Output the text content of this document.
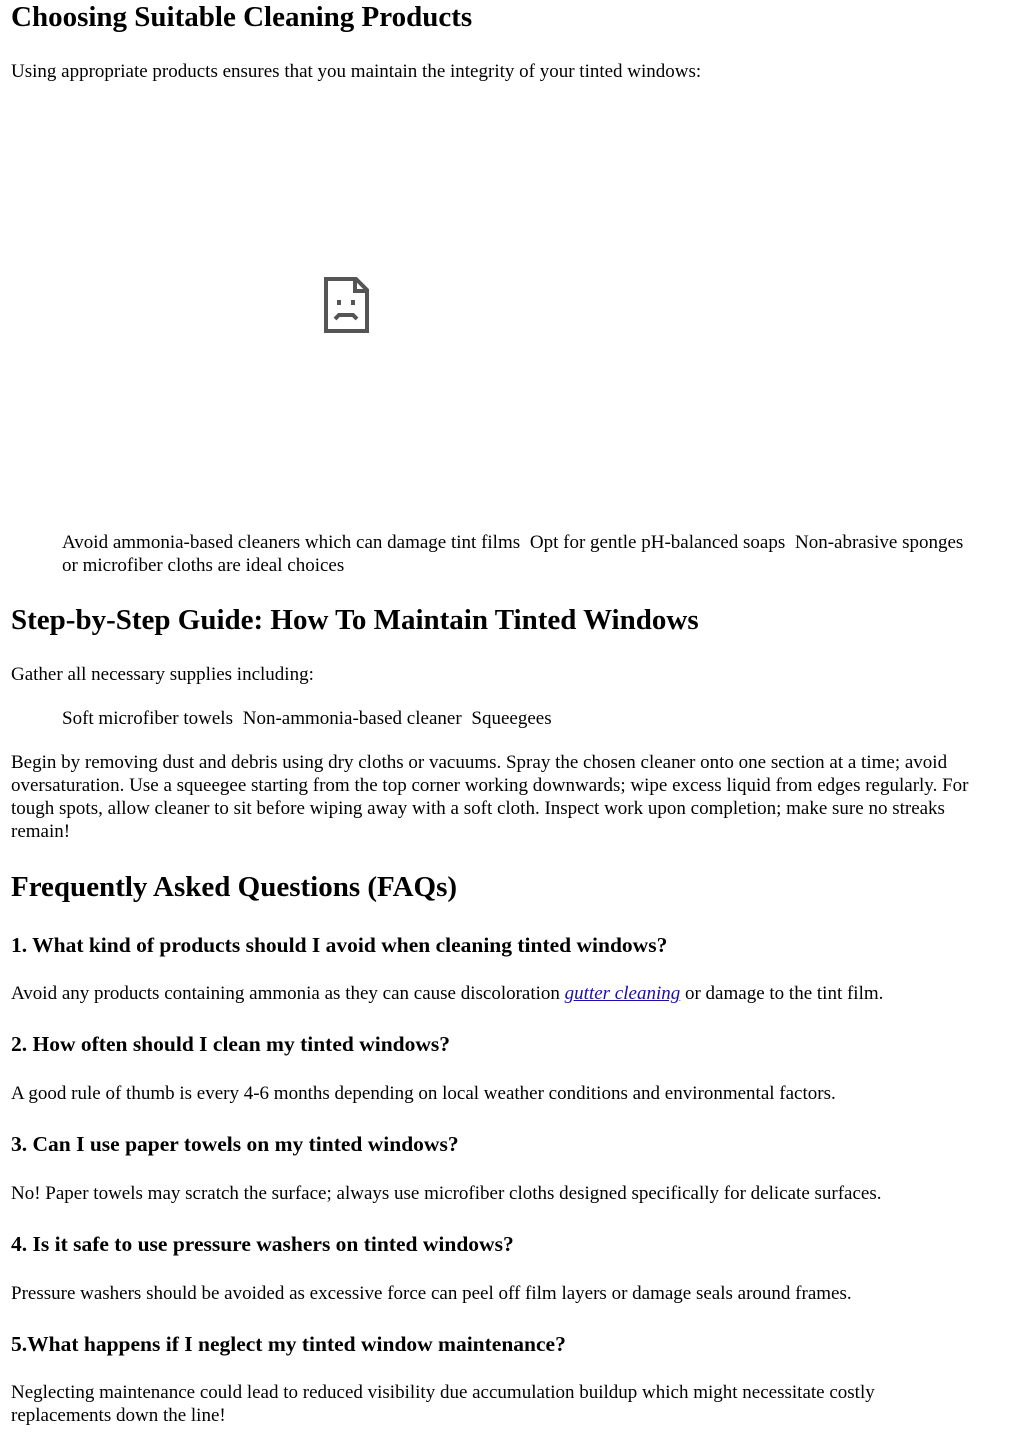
Choosing Suitable Cleaning Products

Using appropriate products ensures that you maintain the integrity of your tinted windows:

Avoid ammonia-based cleaners which can damage tint films Opt for gentle pH-balanced soaps Non-abrasive sponges or microfiber cloths are ideal choices

Step-by-Step Guide: How To Maintain Tinted Windows

Gather all necessary supplies including:

Soft microfiber towels Non-ammonia-based cleaner Squeegees

Begin by removing dust and debris using dry cloths or vacuums. Spray the chosen cleaner onto one section at a time; avoid oversaturation. Use a squeegee starting from the top corner working downwards; wipe excess liquid from edges regularly. For tough spots, allow cleaner to sit before wiping away with a soft cloth. Inspect work upon completion; make sure no streaks remain!

Frequently Asked Questions (FAQs)
1. What kind of products should I avoid when cleaning tinted windows?

Avoid any products containing ammonia as they can cause discoloration gutter cleaning or damage to the tint film.

2. How often should I clean my tinted windows?

A good rule of thumb is every 4-6 months depending on local weather conditions and environmental factors.

3. Can I use paper towels on my tinted windows?

No! Paper towels may scratch the surface; always use microfiber cloths designed specifically for delicate surfaces.

4. Is it safe to use pressure washers on tinted windows?

Pressure washers should be avoided as excessive force can peel off film layers or damage seals around frames.

5.What happens if I neglect my tinted window maintenance?

Neglecting maintenance could lead to reduced visibility due accumulation buildup which might necessitate costly replacements down the line!
